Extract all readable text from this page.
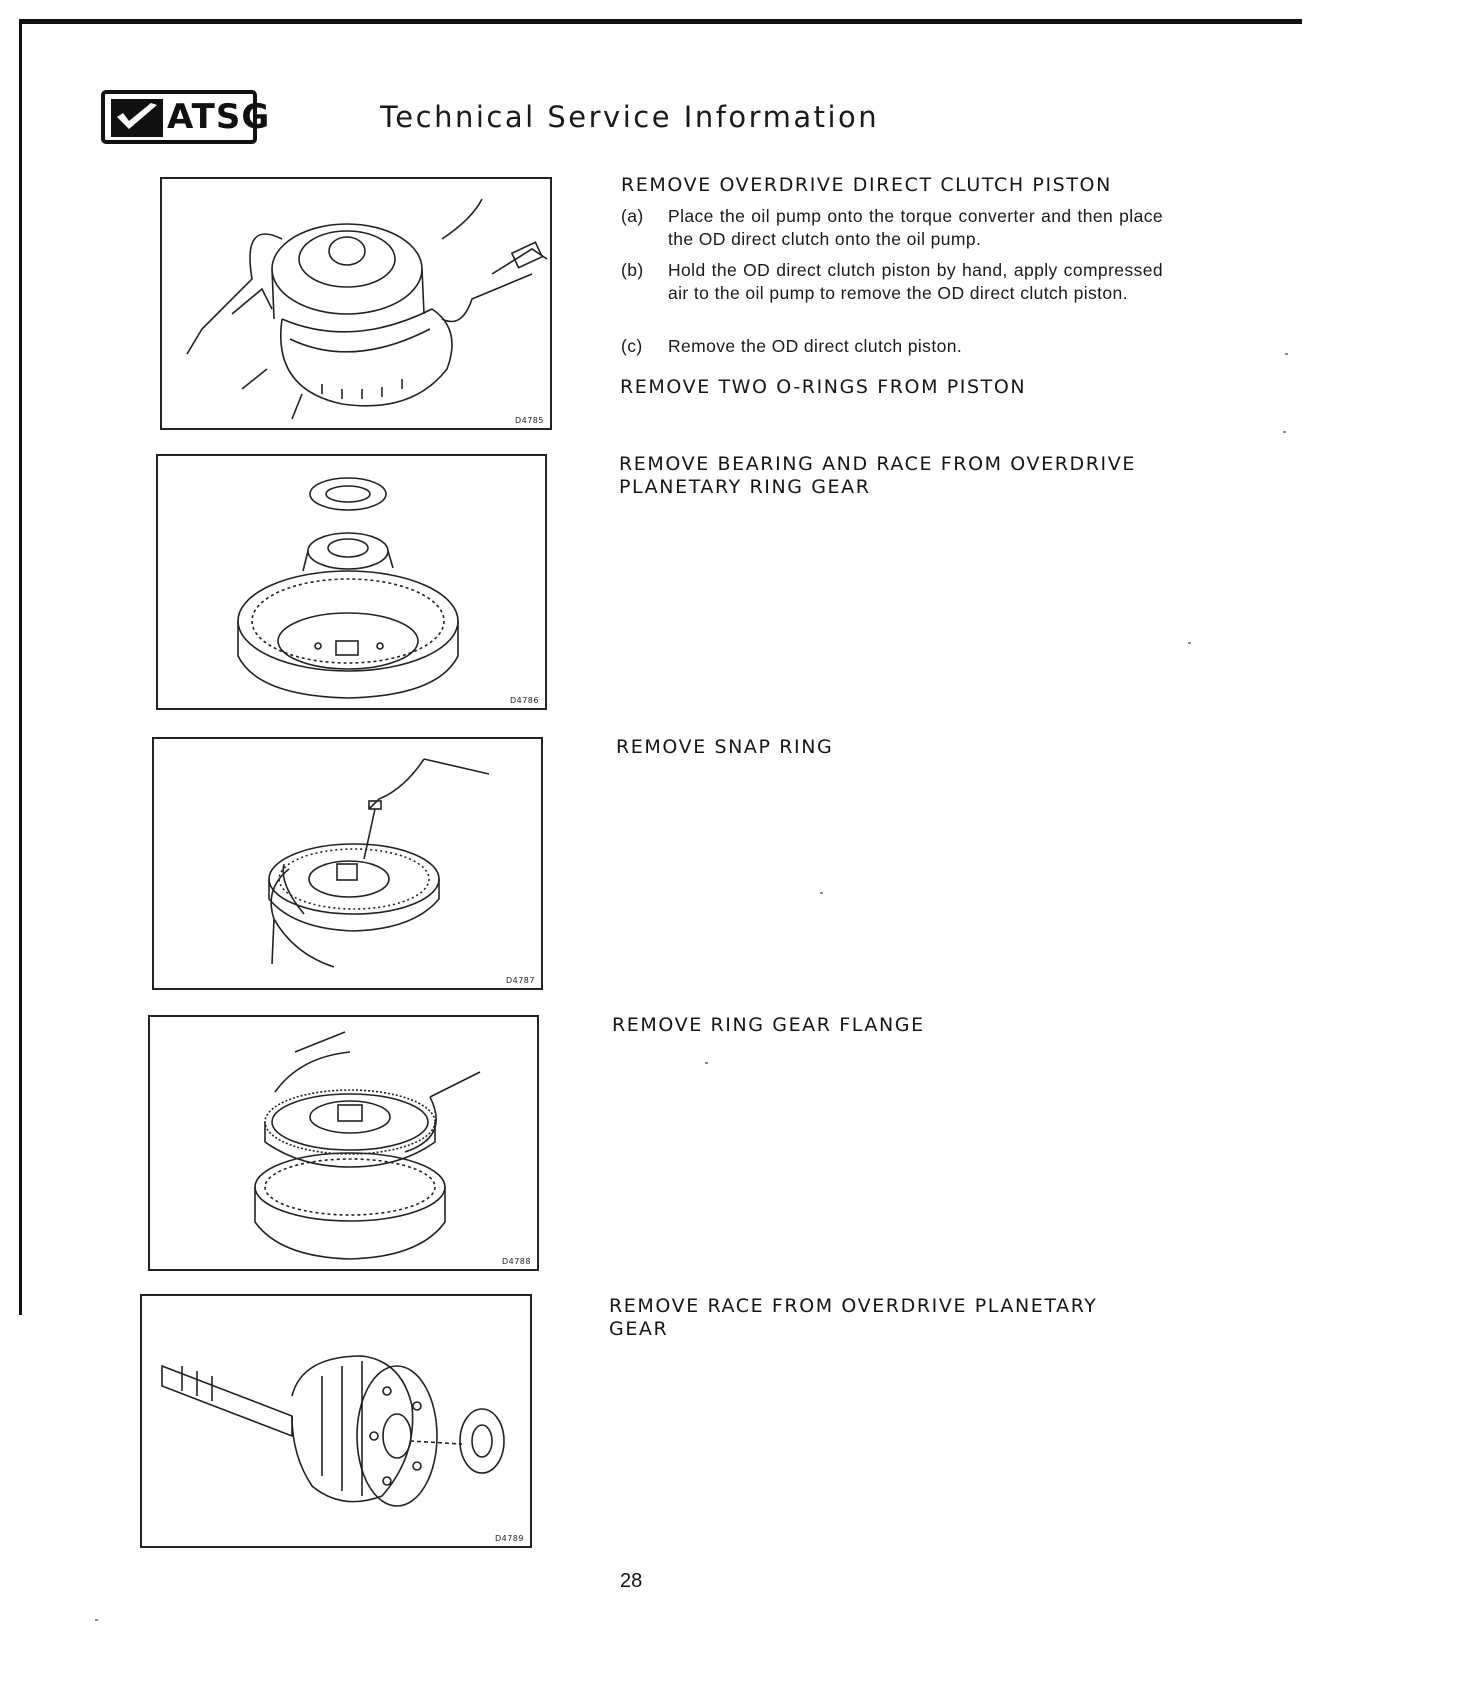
ATSG	Technical Service Information
D4785
D4786
D4787
D4788
D4789
REMOVE OVERDRIVE DIRECT CLUTCH PISTON
(a) Place the oil pump onto the torque converter and then place the OD direct clutch onto the oil pump.
(b) Hold the OD direct clutch piston by hand, apply compressed air to the oil pump to remove the OD direct clutch piston.
(c) Remove the OD direct clutch piston.
REMOVE TWO O-RINGS FROM PISTON
REMOVE BEARING AND RACE FROM OVERDRIVE PLANETARY RING GEAR
REMOVE SNAP RING
REMOVE RING GEAR FLANGE
REMOVE RACE FROM OVERDRIVE PLANETARY GEAR
28
